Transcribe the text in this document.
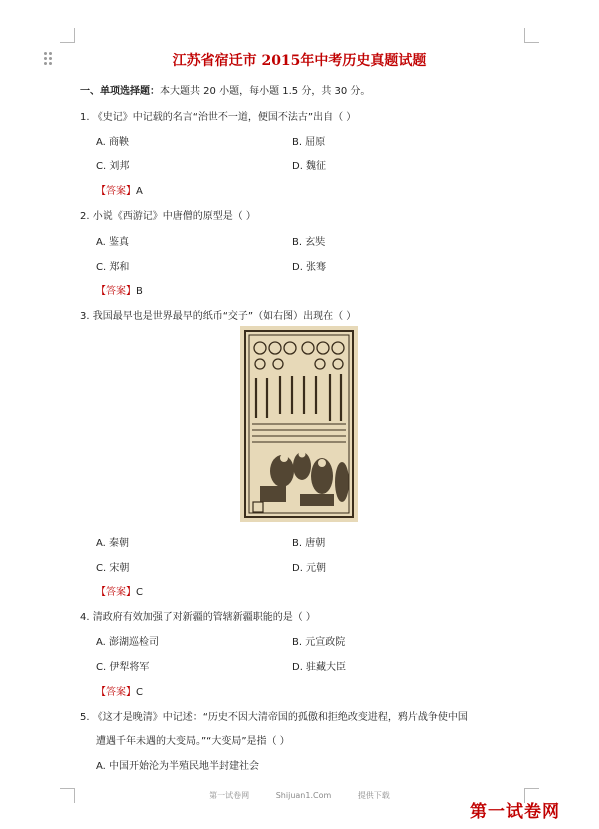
江苏省宿迁市 2015年中考历史真题试题
一、单项选择题：本大题共 20 小题，每小题 1.5 分，共 30 分。
1. 《史记》中记载的名言“治世不一道，便国不法古”出自（ ）
A. 商鞅	B. 屈原
C. 刘邦	D. 魏征
【答案】A
2. 小说《西游记》中唐僧的原型是（ ）
A. 鉴真	B. 玄奘
C. 郑和	D. 张骞
【答案】B
3. 我国最早也是世界最早的纸币“交子”（如右图）出现在（ ）
A. 秦朝	B. 唐朝
C. 宋朝	D. 元朝
【答案】C
4. 清政府有效加强了对新疆的管辖新疆职能的是（ ）
A. 澎湖巡检司	B. 元宣政院
C. 伊犁将军	D. 驻藏大臣
【答案】C
5. 《这才是晚清》中记述：“历史不因大清帝国的孤傲和拒绝改变进程，鸦片战争使中国
遭遇千年未遇的大变局。”“大变局”是指（ ）
A. 中国开始沦为半殖民地半封建社会
第一试卷网	Shijuan1.Com	提供下载
第一试卷网
